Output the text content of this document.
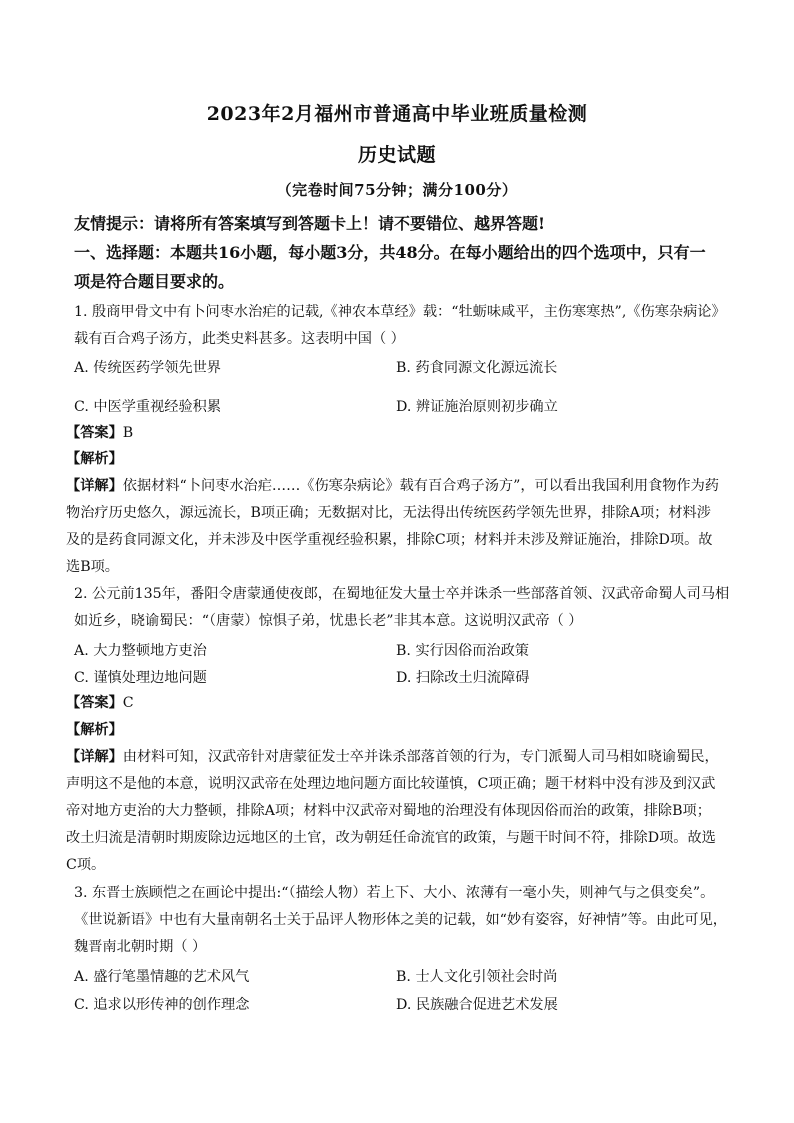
2023年2月福州市普通高中毕业班质量检测
历史试题
（完卷时间75分钟；满分100分）
友情提示：请将所有答案填写到答题卡上！请不要错位、越界答题!
一、选择题：本题共16小题，每小题3分，共48分。在每小题给出的四个选项中，只有一
项是符合题目要求的。

1. 殷商甲骨文中有卜问枣水治疟的记载,《神农本草经》载：“牡蛎味咸平，主伤寒寒热”,《伤寒杂病论》

载有百合鸡子汤方，此类史料甚多。这表明中国（ ）

A. 传统医药学领先世界	B. 药食同源文化源远流长
C. 中医学重视经验积累	D. 辨证施治原则初步确立
【答案】B
【解析】

【详解】依据材料“卜问枣水治疟……《伤寒杂病论》载有百合鸡子汤方”，可以看出我国利用食物作为药

物治疗历史悠久，源远流长，B项正确；无数据对比，无法得出传统医药学领先世界，排除A项；材料涉

及的是药食同源文化，并未涉及中医学重视经验积累，排除C项；材料并未涉及辩证施治，排除D项。故

选B项。

2. 公元前135年，番阳令唐蒙通使夜郎，在蜀地征发大量士卒并诛杀一些部落首领、汉武帝命蜀人司马相

如近乡，晓谕蜀民：“（唐蒙）惊惧子弟，忧患长老”非其本意。这说明汉武帝（ ）

A. 大力整顿地方吏治	B. 实行因俗而治政策
C. 谨慎处理边地问题	D. 扫除改土归流障碍
【答案】C
【解析】

【详解】由材料可知，汉武帝针对唐蒙征发士卒并诛杀部落首领的行为，专门派蜀人司马相如晓谕蜀民，

声明这不是他的本意，说明汉武帝在处理边地问题方面比较谨慎，C项正确；题干材料中没有涉及到汉武

帝对地方吏治的大力整顿，排除A项；材料中汉武帝对蜀地的治理没有体现因俗而治的政策，排除B项；

改土归流是清朝时期废除边远地区的土官，改为朝廷任命流官的政策，与题干时间不符，排除D项。故选

C项。

3. 东晋士族顾恺之在画论中提出:“（描绘人物）若上下、大小、浓薄有一毫小失，则神气与之俱变矣”。

《世说新语》中也有大量南朝名士关于品评人物形体之美的记载，如“妙有姿容，好神情”等。由此可见，

魏晋南北朝时期（ ）

A. 盛行笔墨情趣的艺术风气	B. 士人文化引领社会时尚
C. 追求以形传神的创作理念	D. 民族融合促进艺术发展
